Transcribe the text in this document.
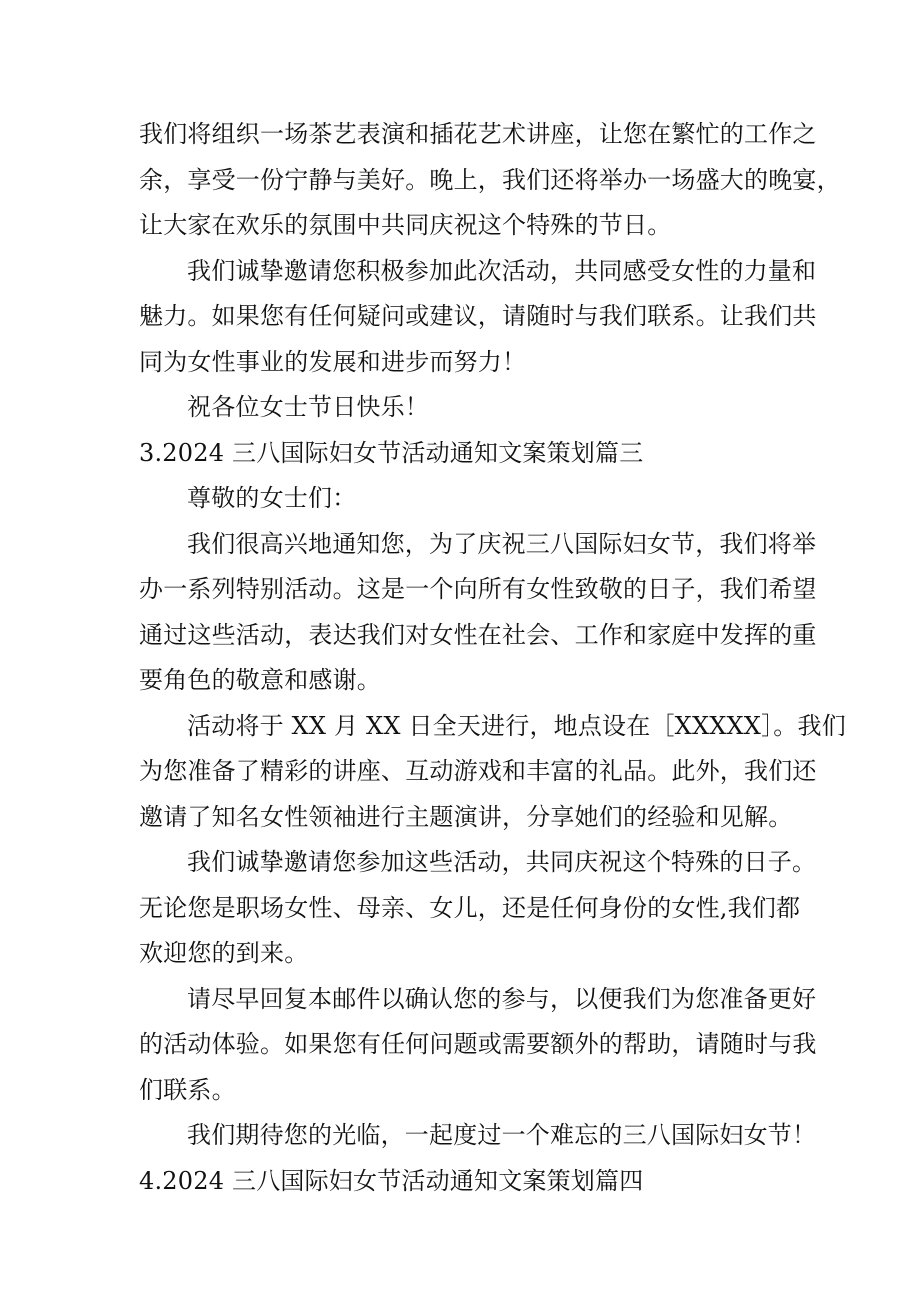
我们将组织一场茶艺表演和插花艺术讲座，让您在繁忙的工作之
余，享受一份宁静与美好。晚上，我们还将举办一场盛大的晚宴，
让大家在欢乐的氛围中共同庆祝这个特殊的节日。

我们诚挚邀请您积极参加此次活动，共同感受女性的力量和
魅力。如果您有任何疑问或建议，请随时与我们联系。让我们共
同为女性事业的发展和进步而努力！

祝各位女士节日快乐！

3.2024 三八国际妇女节活动通知文案策划篇三

尊敬的女士们：

我们很高兴地通知您，为了庆祝三八国际妇女节，我们将举
办一系列特别活动。这是一个向所有女性致敬的日子，我们希望
通过这些活动，表达我们对女性在社会、工作和家庭中发挥的重
要角色的敬意和感谢。

活动将于 XX 月 XX 日全天进行，地点设在［XXXXX］。我们
为您准备了精彩的讲座、互动游戏和丰富的礼品。此外，我们还
邀请了知名女性领袖进行主题演讲，分享她们的经验和见解。

我们诚挚邀请您参加这些活动，共同庆祝这个特殊的日子。
无论您是职场女性、母亲、女儿，还是任何身份的女性,我们都
欢迎您的到来。

请尽早回复本邮件以确认您的参与，以便我们为您准备更好
的活动体验。如果您有任何问题或需要额外的帮助，请随时与我
们联系。

我们期待您的光临，一起度过一个难忘的三八国际妇女节！

4.2024 三八国际妇女节活动通知文案策划篇四
